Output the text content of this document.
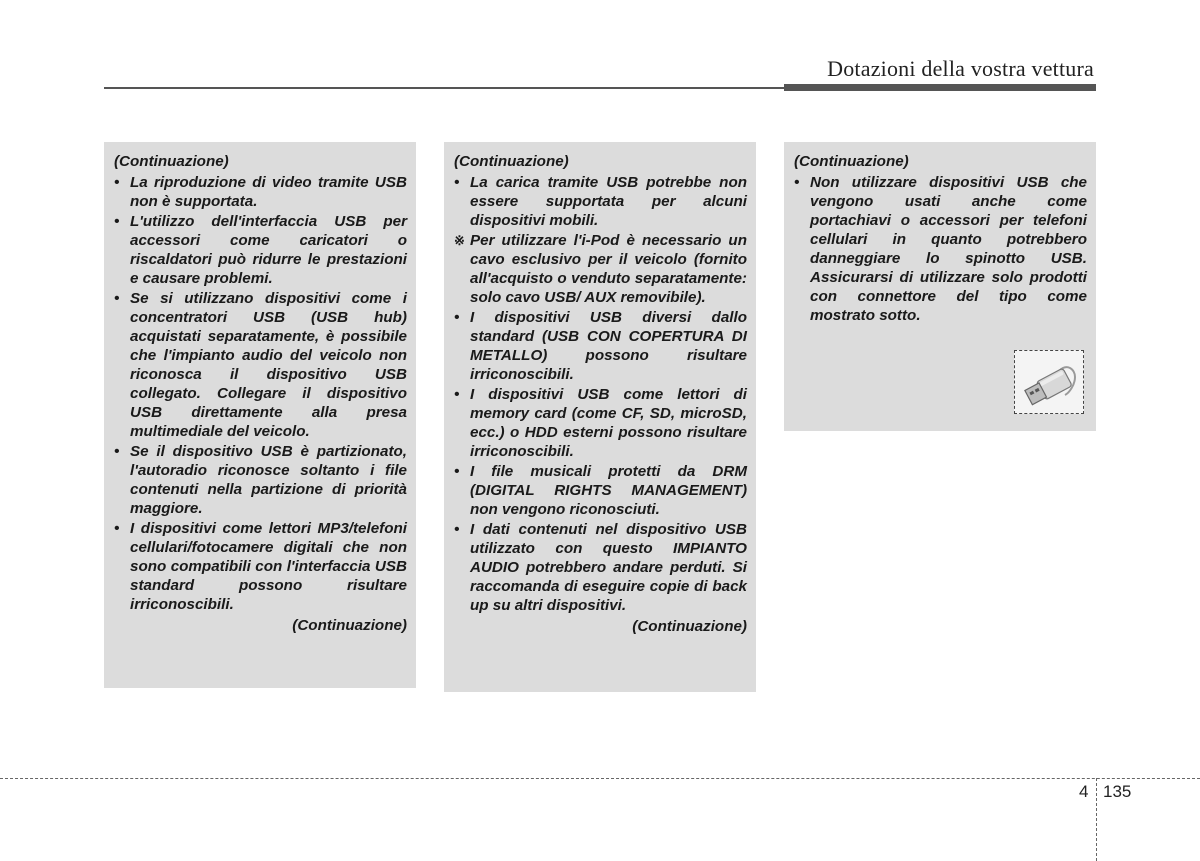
Dotazioni della vostra vettura
(Continuazione)
• La riproduzione di video tramite USB non è supportata.
• L'utilizzo dell'interfaccia USB per accessori come caricatori o riscaldatori può ridurre le prestazioni e causare problemi.
• Se si utilizzano dispositivi come i concentratori USB (USB hub) acquistati separatamente, è possibile che l'impianto audio del veicolo non riconosca il dispositivo USB collegato. Collegare il dispositivo USB direttamente alla presa multimediale del veicolo.
• Se il dispositivo USB è partizionato, l'autoradio riconosce soltanto i file contenuti nella partizione di priorità maggiore.
• I dispositivi come lettori MP3/telefoni cellulari/fotocamere digitali che non sono compatibili con l'interfaccia USB standard possono risultare irriconoscibili.
(Continuazione)
(Continuazione)
• La carica tramite USB potrebbe non essere supportata per alcuni dispositivi mobili.
※ Per utilizzare l'i-Pod è necessario un cavo esclusivo per il veicolo (fornito all'acquisto o venduto separatamente: solo cavo USB/ AUX removibile).
• I dispositivi USB diversi dallo standard (USB CON COPERTURA DI METALLO) possono risultare irriconoscibili.
• I dispositivi USB come lettori di memory card (come CF, SD, microSD, ecc.) o HDD esterni possono risultare irriconoscibili.
• I file musicali protetti da DRM (DIGITAL RIGHTS MANAGEMENT) non vengono riconosciuti.
• I dati contenuti nel dispositivo USB utilizzato con questo IMPIANTO AUDIO potrebbero andare perduti. Si raccomanda di eseguire copie di back up su altri dispositivi.
(Continuazione)
(Continuazione)
• Non utilizzare dispositivi USB che vengono usati anche come portachiavi o accessori per telefoni cellulari in quanto potrebbero danneggiare lo spinotto USB. Assicurarsi di utilizzare solo prodotti con connettore del tipo come mostrato sotto.
4 135
